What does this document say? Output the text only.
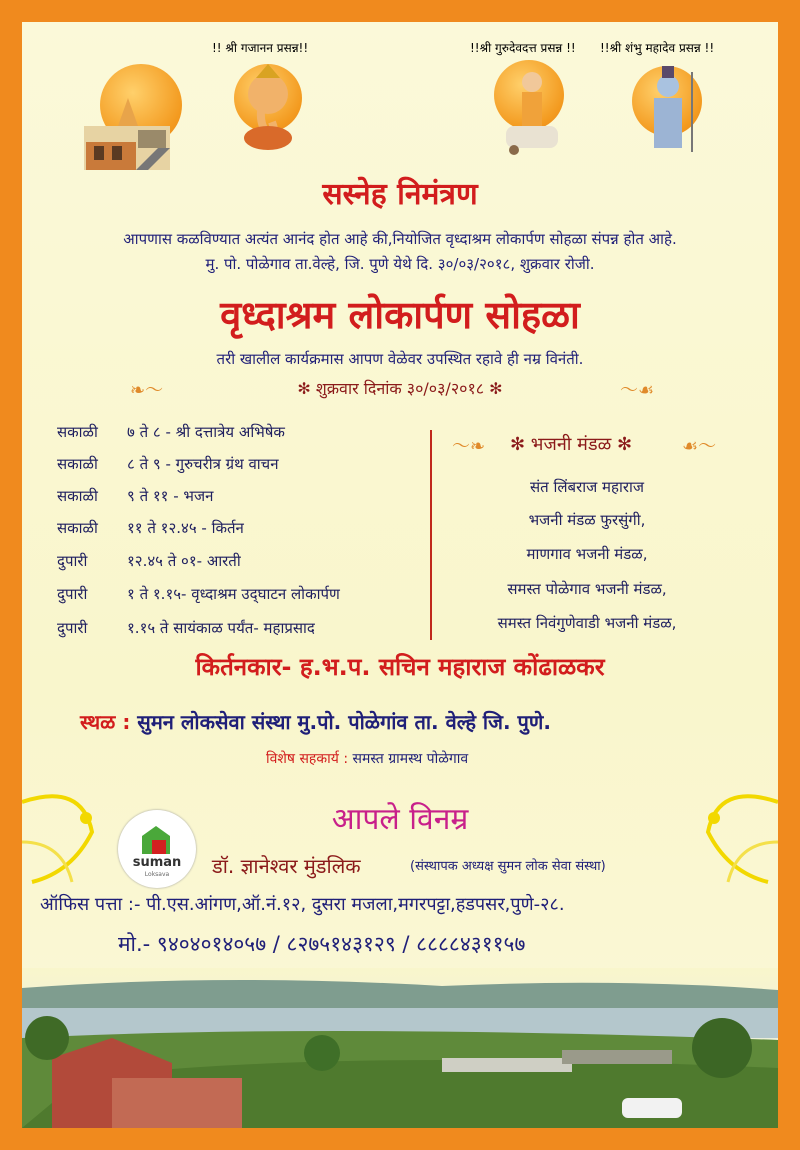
!! श्री गजानन प्रसन्न!!	!!श्री गुरुदेवदत्त प्रसन्न !! !!श्री शंभु महादेव प्रसन्न !!
सस्नेह निमंत्रण
आपणास कळविण्यात अत्यंत आनंद होत आहे की,नियोजित वृध्दाश्रम लोकार्पण सोहळा संपन्न होत आहे.
मु. पो. पोळेगाव ता.वेल्हे, जि. पुणे येथे दि. ३०/०३/२०१८, शुक्रवार रोजी.
वृध्दाश्रम लोकार्पण सोहळा
तरी खालील कार्यक्रमास आपण वेळेवर उपस्थित रहावे ही नम्र विनंती.
❧〜	✻ शुक्रवार दिनांक ३०/०३/२०१८ ✻	〜☙
सकाळी ७ ते ८ - श्री दत्तात्रेय अभिषेक
सकाळी ८ ते ९ - गुरुचरीत्र ग्रंथ वाचन
सकाळी ९ ते ११ - भजन
सकाळी ११ ते १२.४५ - किर्तन
दुपारी	१२.४५ ते ०१- आरती
दुपारी	१ ते १.१५- वृध्दाश्रम उद्‍घाटन लोकार्पण
दुपारी	१.१५ ते सायंकाळ पर्यंत- महाप्रसाद
〜❧ ✻ भजनी मंडळ ✻	☙〜
संत लिंबराज महाराज
भजनी मंडळ फुरसुंगी,
माणगाव भजनी मंडळ,
समस्त पोळेगाव भजनी मंडळ,
समस्त निवंगुणेवाडी भजनी मंडळ,
किर्तनकार- ह.भ.प. सचिन महाराज कोंढाळकर
स्थळ : सुमन लोकसेवा संस्था मु.पो. पोळेगांव ता. वेल्हे जि. पुणे.
विशेष सहकार्य : समस्त ग्रामस्थ पोळेगाव
आपले विनम्र
suman
Loksava	डॉ. ज्ञानेश्वर मुंडलिक	(संस्थापक अध्यक्ष सुमन लोक सेवा संस्था)
ऑफिस पत्ता :- पी.एस.आंगण,ऑ.नं.१२, दुसरा मजला,मगरपट्टा,हडपसर,पुणे-२८.
मो.- ९४०४०१४०५७ / ८२७५१४३१२९ / ८८८८४३११५७
